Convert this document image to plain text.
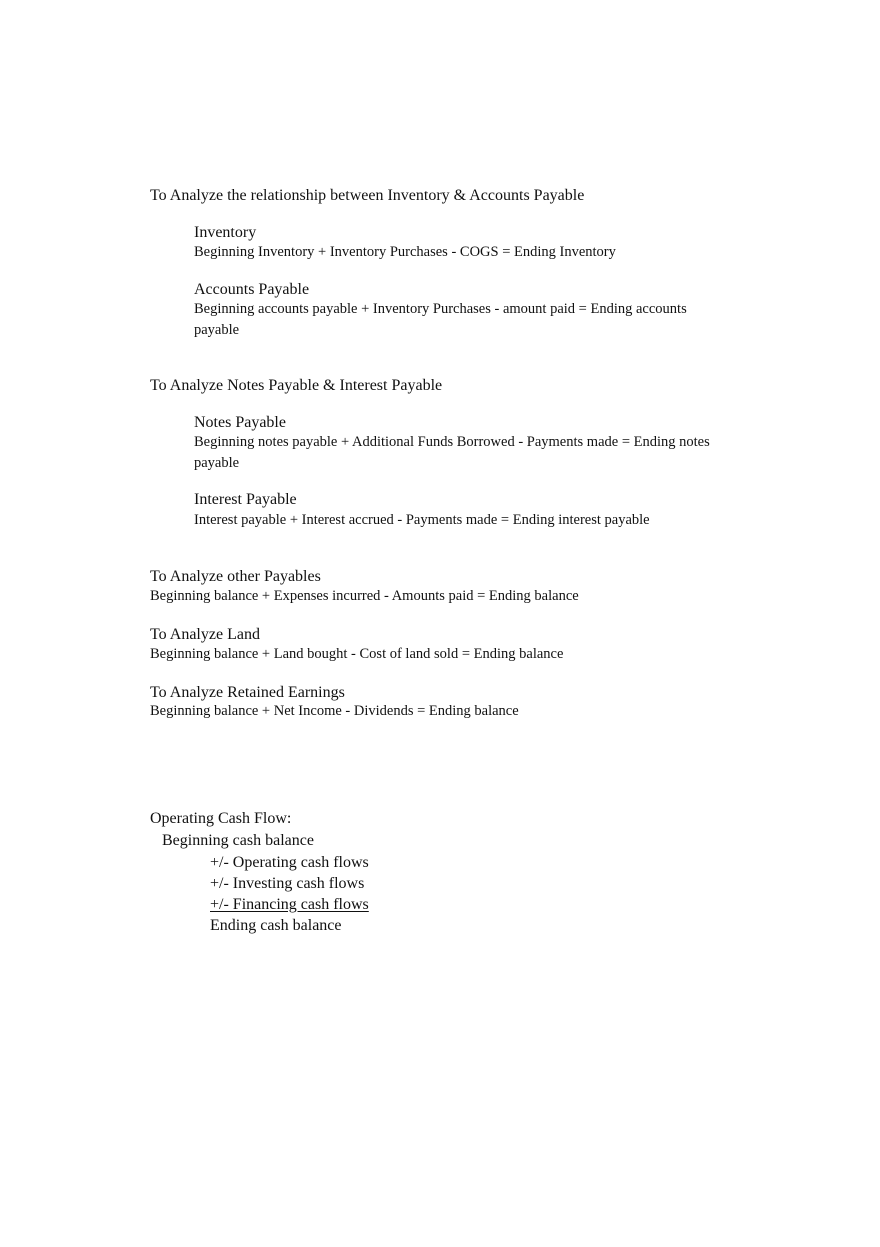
To Analyze the relationship between Inventory & Accounts Payable
Inventory
Beginning Inventory + Inventory Purchases - COGS = Ending Inventory
Accounts Payable
Beginning accounts payable + Inventory Purchases - amount paid = Ending accounts payable
To Analyze Notes Payable & Interest Payable
Notes Payable
Beginning notes payable + Additional Funds Borrowed - Payments made = Ending notes payable
Interest Payable
Interest payable + Interest accrued - Payments made = Ending interest payable
To Analyze other Payables
Beginning balance + Expenses incurred - Amounts paid = Ending balance
To Analyze Land
Beginning balance + Land bought - Cost of land sold = Ending balance
To Analyze Retained Earnings
Beginning balance + Net Income - Dividends = Ending balance
Operating Cash Flow:
Beginning cash balance
+/- Operating cash flows
+/- Investing cash flows
+/- Financing cash flows
Ending cash balance
